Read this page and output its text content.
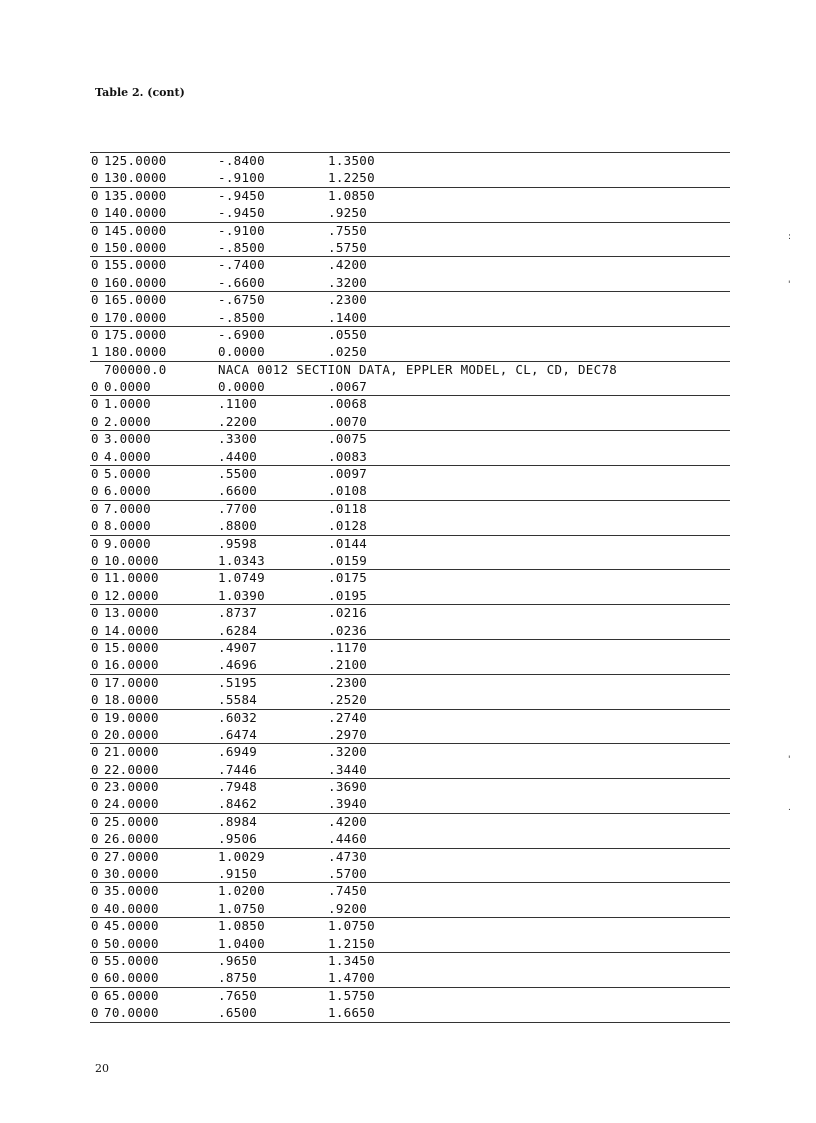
Table 2. (cont)
0 125.0000	-.8400	1.3500
0 130.0000	-.9100	1.2250
0 135.0000	-.9450	1.0850
0 140.0000	-.9450	.9250
0 145.0000	-.9100	.7550
0 150.0000	-.8500	.5750
0 155.0000	-.7400	.4200
0 160.0000	-.6600	.3200
0 165.0000	-.6750	.2300
0 170.0000	-.8500	.1400
0 175.0000	-.6900	.0550
1 180.0000	0.0000	.0250
700000.0	NACA 0012 SECTION DATA, EPPLER MODEL, CL, CD, DEC78
0 0.0000	0.0000	.0067
0 1.0000	.1100	.0068
0 2.0000	.2200	.0070
0 3.0000	.3300	.0075
0 4.0000	.4400	.0083
0 5.0000	.5500	.0097
0 6.0000	.6600	.0108
0 7.0000	.7700	.0118
0 8.0000	.8800	.0128
0 9.0000	.9598	.0144
0 10.0000	1.0343	.0159
0 11.0000	1.0749	.0175
0 12.0000	1.0390	.0195
0 13.0000	.8737	.0216
0 14.0000	.6284	.0236
0 15.0000	.4907	.1170
0 16.0000	.4696	.2100
0 17.0000	.5195	.2300
0 18.0000	.5584	.2520
0 19.0000	.6032	.2740
0 20.0000	.6474	.2970
0 21.0000	.6949	.3200
0 22.0000	.7446	.3440
0 23.0000	.7948	.3690
0 24.0000	.8462	.3940
0 25.0000	.8984	.4200
0 26.0000	.9506	.4460
0 27.0000	1.0029	.4730
0 30.0000	.9150	.5700
0 35.0000	1.0200	.7450
0 40.0000	1.0750	.9200
0 45.0000	1.0850	1.0750
0 50.0000	1.0400	1.2150
0 55.0000	.9650	1.3450
0 60.0000	.8750	1.4700
0 65.0000	.7650	1.5750
0 70.0000	.6500	1.6650
20
:
'
'
.
